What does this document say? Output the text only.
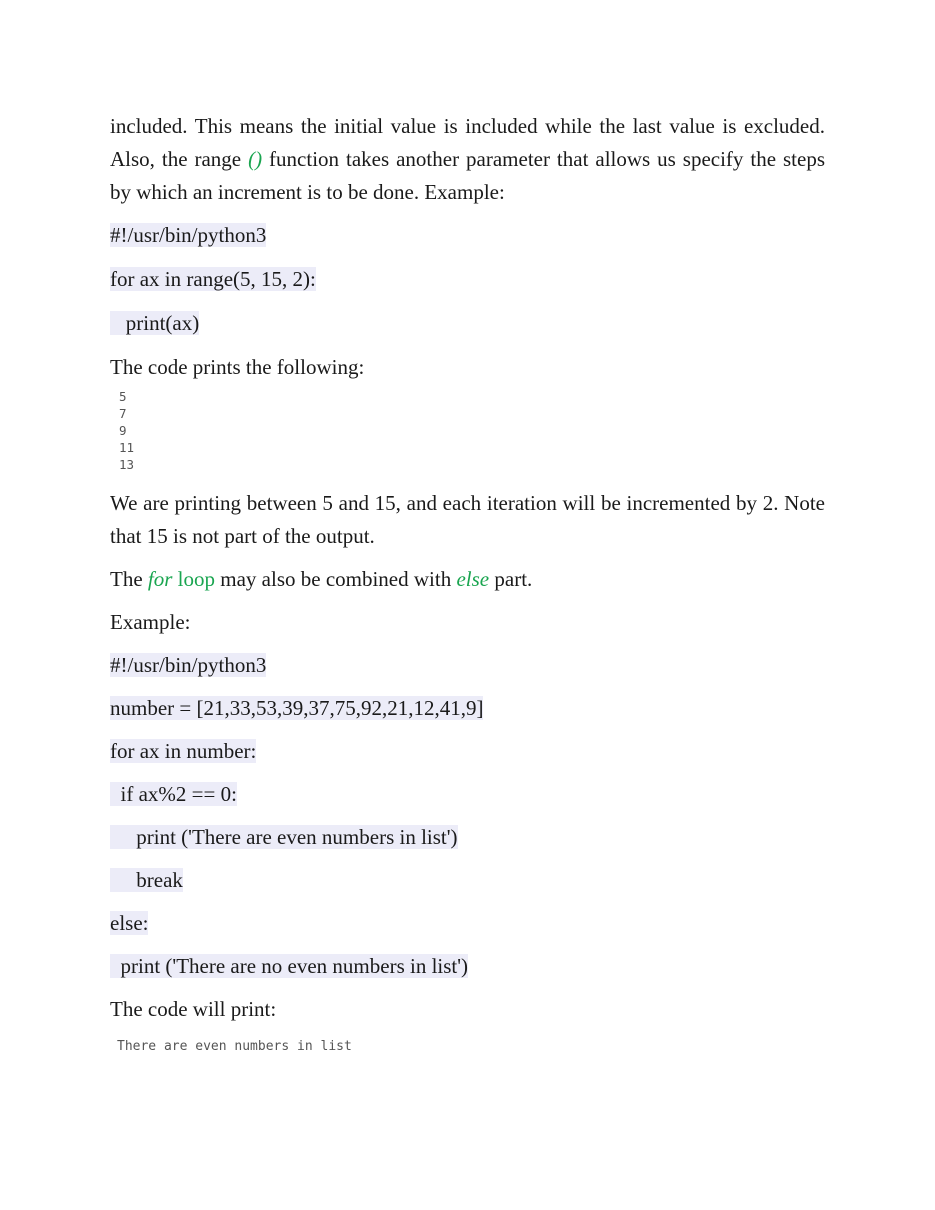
included. This means the initial value is included while the last value is excluded. Also, the range () function takes another parameter that allows us specify the steps by which an increment is to be done. Example:

#!/usr/bin/python3

for ax in range(5, 15, 2):

print(ax)

The code prints the following:

5

7

9

11

13

We are printing between 5 and 15, and each iteration will be incremented by 2. Note that 15 is not part of the output.

The for loop may also be combined with else part.

Example:

#!/usr/bin/python3

number = [21,33,53,39,37,75,92,21,12,41,9]

for ax in number:

if ax%2 == 0:

print ('There are even numbers in list')

break

else:

print ('There are no even numbers in list')

The code will print:

There are even numbers in list
